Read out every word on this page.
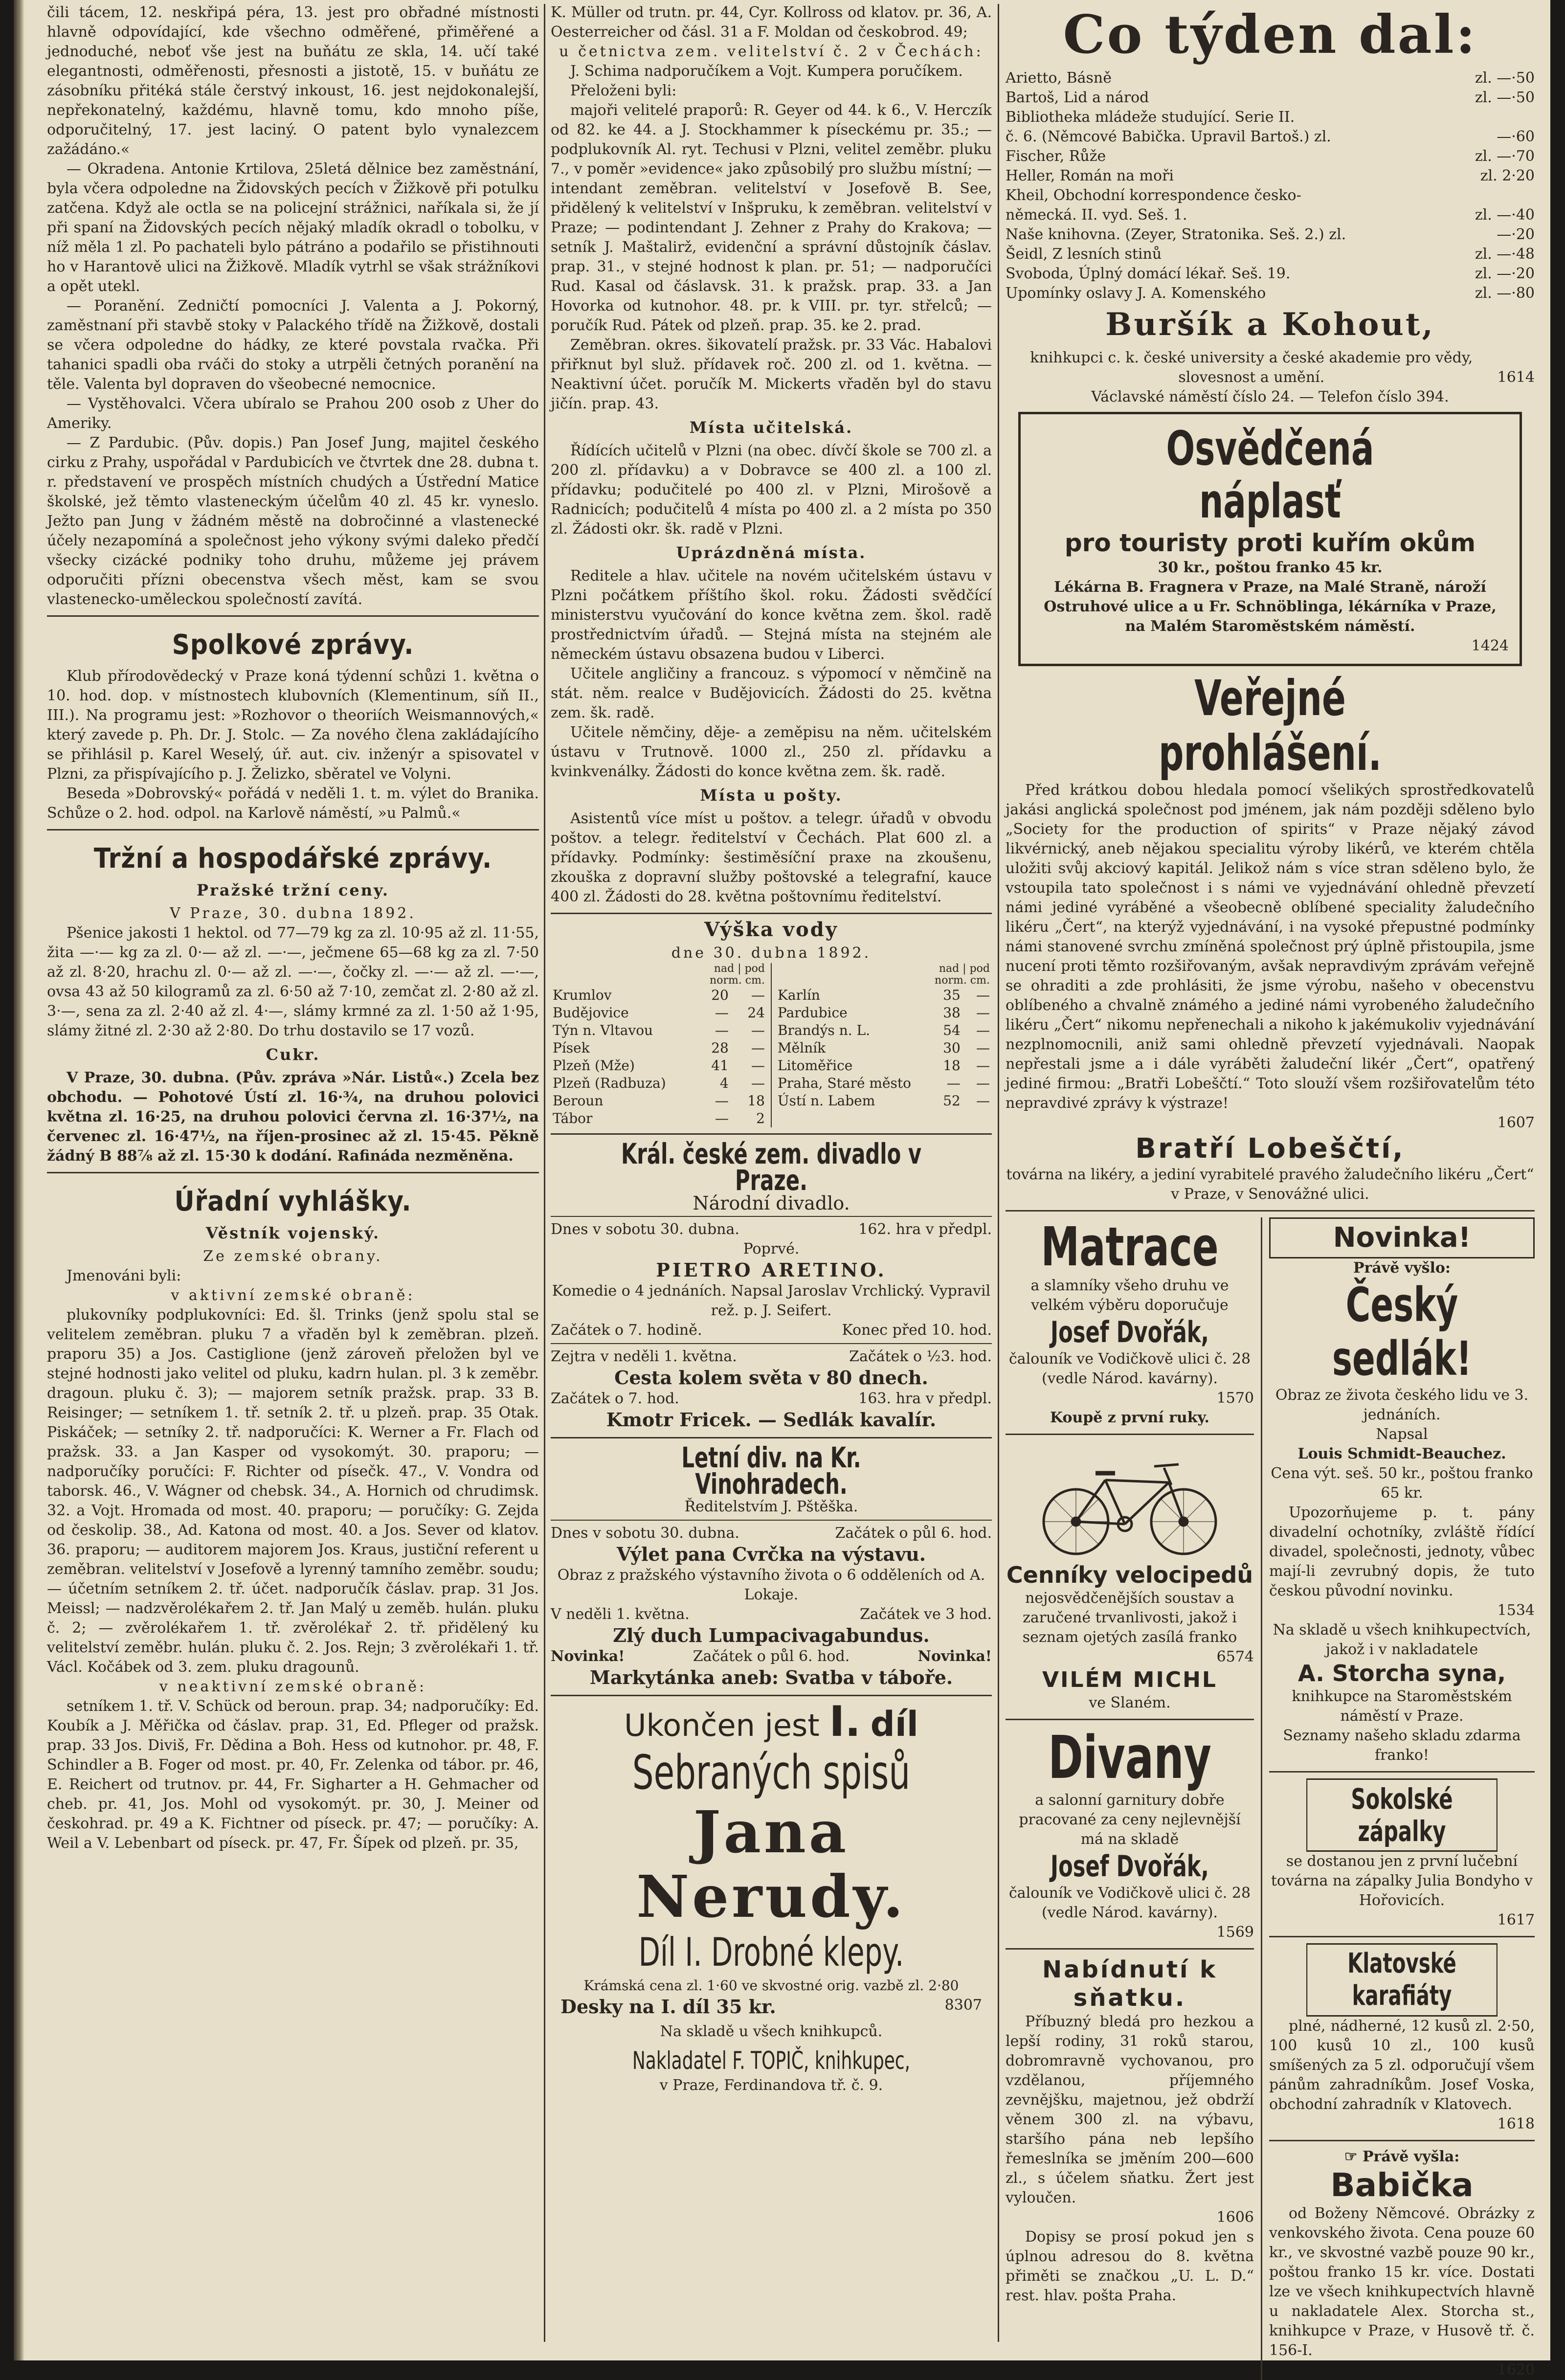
čili tácem, 12. neskřipá péra, 13. jest pro obřadné místnosti hlavně odpovídající, kde všechno odměřené, přiměřené a jednoduché, neboť vše jest na buňátu ze skla, 14. učí také elegantnosti, odměřenosti, přesnosti a jistotě, 15. v buňátu ze zásobníku přitéká stále čerstvý inkoust, 16. jest nejdokonalejší, nepřekonatelný, každému, hlavně tomu, kdo mnoho píše, odporučitelný, 17. jest laciný. O patent bylo vynalezcem zažádáno.«

— Okradena. Antonie Krtilova, 25letá dělnice bez zaměstnání, byla včera odpoledne na Židovských pecích v Žižkově při potulku zatčena. Když ale octla se na policejní strážnici, naříkala si, že jí při spaní na Židovských pecích nějaký mladík okradl o tobolku, v níž měla 1 zl. Po pachateli bylo pátráno a podařilo se přistihnouti ho v Harantově ulici na Žižkově. Mladík vytrhl se však strážníkovi a opět utekl.

— Poranění. Zedničtí pomocníci J. Valenta a J. Pokorný, zaměstnaní při stavbě stoky v Palackého třídě na Žižkově, dostali se včera odpoledne do hádky, ze které povstala rvačka. Při tahanici spadli oba rváči do stoky a utrpěli četných poranění na těle. Valenta byl dopraven do všeobecné nemocnice.

— Vystěhovalci. Včera ubíralo se Prahou 200 osob z Uher do Ameriky.

— Z Pardubic. (Pův. dopis.) Pan Josef Jung, majitel českého cirku z Prahy, uspořádal v Pardubicích ve čtvrtek dne 28. dubna t. r. představení ve prospěch místních chudých a Ústřední Matice školské, jež těmto vlasteneckým účelům 40 zl. 45 kr. vyneslo. Ježto pan Jung v žádném městě na dobročinné a vlastenecké účely nezapomíná a společnost jeho výkony svými daleko předčí všecky cizácké podniky toho druhu, můžeme jej právem odporučiti přízni obecenstva všech měst, kam se svou vlastenecko-uměleckou společností zavítá.

Spolkové zprávy.

Klub přírodovědecký v Praze koná týdenní schůzi 1. května o 10. hod. dop. v místnostech klubovních (Klementinum, síň II., III.). Na programu jest: »Rozhovor o theoriích Weismannových,« který zavede p. Ph. Dr. J. Stolc. — Za nového člena zakládajícího se přihlásil p. Karel Weselý, úř. aut. civ. inženýr a spisovatel v Plzni, za přispívajícího p. J. Želizko, sběratel ve Volyni.

Beseda »Dobrovský« pořádá v neděli 1. t. m. výlet do Branika. Schůze o 2. hod. odpol. na Karlově náměstí, »u Palmů.«

Tržní a hospodářské zprávy.
Pražské tržní ceny.

V Praze, 30. dubna 1892.

Pšenice jakosti 1 hektol. od 77—79 kg za zl. 10·95 až zl. 11·55, žita —·— kg za zl. 0·— až zl. —·—, ječmene 65—68 kg za zl. 7·50 až zl. 8·20, hrachu zl. 0·— až zl. —·—, čočky zl. —·— až zl. —·—, ovsa 43 až 50 kilogramů za zl. 6·50 až 7·10, zemčat zl. 2·80 až zl. 3·—, sena za zl. 2·40 až zl. 4·—, slámy krmné za zl. 1·50 až 1·95, slámy žitné zl. 2·30 až 2·80. Do trhu dostavilo se 17 vozů.

Cukr.

V Praze, 30. dubna. (Pův. zpráva »Nár. Listů«.) Zcela bez obchodu. — Pohotové Ústí zl. 16·¾, na druhou polovici května zl. 16·25, na druhou polovici června zl. 16·37½, na červenec zl. 16·47½, na říjen-prosinec až zl. 15·45. Pěkně žádný B 88⅞ až zl. 15·30 k dodání. Rafináda nezměněna.

Úřadní vyhlášky.
Věstník vojenský.
Ze zemské obrany.

Jmenováni byli:

v aktivní zemské obraně:

plukovníky podplukovníci: Ed. šl. Trinks (jenž spolu stal se velitelem zeměbran. pluku 7 a vřaděn byl k zeměbran. plzeň. praporu 35) a Jos. Castiglione (jenž zároveň přeložen byl ve stejné hodnosti jako velitel od pluku, kadrn hulan. pl. 3 k zeměbr. dragoun. pluku č. 3); — majorem setník pražsk. prap. 33 B. Reisinger; — setníkem 1. tř. setník 2. tř. u plzeň. prap. 35 Otak. Piskáček; — setníky 2. tř. nadporučíci: K. Werner a Fr. Flach od pražsk. 33. a Jan Kasper od vysokomýt. 30. praporu; — nadporučíky poručíci: F. Richter od písečk. 47., V. Vondra od taborsk. 46., V. Wágner od chebsk. 34., A. Hornich od chrudimsk. 32. a Vojt. Hromada od most. 40. praporu; — poručíky: G. Zejda od českolip. 38., Ad. Katona od most. 40. a Jos. Sever od klatov. 36. praporu; — auditorem majorem Jos. Kraus, justiční referent u zeměbran. velitelství v Josefově a lyrenný tamního zeměbr. soudu; — účetním setníkem 2. tř. účet. nadporučík čáslav. prap. 31 Jos. Meissl; — nadzvěrolékařem 2. tř. Jan Malý u zeměb. hulán. pluku č. 2; — zvěrolékařem 1. tř. zvěrolékař 2. tř. přidělený ku velitelství zeměbr. hulán. pluku č. 2. Jos. Rejn; 3 zvěrolékaři 1. tř. Václ. Kočábek od 3. zem. pluku dragounů.

v neaktivní zemské obraně:

setníkem 1. tř. V. Schück od beroun. prap. 34; nadporučíky: Ed. Koubík a J. Měřička od čáslav. prap. 31, Ed. Pfleger od pražsk. prap. 33 Jos. Diviš, Fr. Dědina a Boh. Hess od kutnohor. pr. 48, F. Schindler a B. Foger od most. pr. 40, Fr. Zelenka od tábor. pr. 46, E. Reichert od trutnov. pr. 44, Fr. Sigharter a H. Gehmacher od cheb. pr. 41, Jos. Mohl od vysokomýt. pr. 30, J. Meiner od českohrad. pr. 49 a K. Fichtner od píseck. pr. 47; — poručíky: A. Weil a V. Lebenbart od píseck. pr. 47, Fr. Šípek od plzeň. pr. 35,

K. Müller od trutn. pr. 44, Cyr. Kollross od klatov. pr. 36, A. Oesterreicher od čásl. 31 a F. Moldan od českobrod. 49;

u četnictva zem. velitelství č. 2 v Čechách:

J. Schima nadporučíkem a Vojt. Kumpera poručíkem.

Přeloženi byli:

majoři velitelé praporů: R. Geyer od 44. k 6., V. Herczík od 82. ke 44. a J. Stockhammer k píseckému pr. 35.; — podplukovník Al. ryt. Techusi v Plzni, velitel zeměbr. pluku 7., v poměr »evidence« jako způsobilý pro službu místní; — intendant zeměbran. velitelství v Josefově B. See, přidělený k velitelství v Inšpruku, k zeměbran. velitelství v Praze; — podintendant J. Zehner z Prahy do Krakova; — setník J. Maštalirž, evidenční a správní důstojník čáslav. prap. 31., v stejné hodnost k plan. pr. 51; — nadporučíci Rud. Kasal od čáslavsk. 31. k pražsk. prap. 33. a Jan Hovorka od kutnohor. 48. pr. k VIII. pr. tyr. střelců; — poručík Rud. Pátek od plzeň. prap. 35. ke 2. prad.

Zeměbran. okres. šikovatelí pražsk. pr. 33 Vác. Habalovi přiřknut byl služ. přídavek roč. 200 zl. od 1. května. — Neaktivní účet. poručík M. Mickerts vřaděn byl do stavu jičín. prap. 43.

Místa učitelská.

Řídících učitelů v Plzni (na obec. dívčí škole se 700 zl. a 200 zl. přídavku) a v Dobravce se 400 zl. a 100 zl. přídavku; podučitelé po 400 zl. v Plzni, Mirošově a Radnicích; podučitelů 4 místa po 400 zl. a 2 místa po 350 zl. Žádosti okr. šk. radě v Plzni.

Uprázdněná místa.

Reditele a hlav. učitele na novém učitelském ústavu v Plzni počátkem příštího škol. roku. Žádosti svědčící ministerstvu vyučování do konce května zem. škol. radě prostřednictvím úřadů. — Stejná místa na stejném ale německém ústavu obsazena budou v Liberci.

Učitele angličiny a francouz. s výpomocí v němčině na stát. něm. realce v Budějovicích. Žádosti do 25. května zem. šk. radě.

Učitele němčiny, děje- a zeměpisu na něm. učitelském ústavu v Trutnově. 1000 zl., 250 zl. přídavku a kvinkvenálky. Žádosti do konce května zem. šk. radě.

Místa u pošty.

Asistentů více míst u poštov. a telegr. úřadů v obvodu poštov. a telegr. ředitelství v Čechách. Plat 600 zl. a přídavky. Podmínky: šestiměsíční praxe na zkoušenu, zkouška z dopravní služby poštovské a telegrafní, kauce 400 zl. Žádosti do 28. května poštovnímu ředitelství.

Výška vody

dne 30. dubna 1892.

	nad | pod
norm. cm.	
Krumlov	20	—
Budějovice	—	24
Týn n. Vltavou	—	—
Písek	28	—
Plzeň (Mže)	41	—
Plzeň (Radbuza)	4	—
Beroun	—	18
Tábor	—	2
	nad | pod
norm. cm.	
Karlín	35	—
Pardubice	38	—
Brandýs n. L.	54	—
Mělník	30	—
Litoměřice	18	—
Praha, Staré město	—	—
Ústí n. Labem	52	—
Král. české zem. divadlo v Praze.
Národní divadlo.
Dnes v sobotu 30. dubna.	162. hra v předpl.

Poprvé.

PIETRO ARETINO.

Komedie o 4 jednáních. Napsal Jaroslav Vrchlický. Vypravil rež. p. J. Seifert.

Začátek o 7. hodině.	Konec před 10. hod.
Zejtra v neděli 1. května.	Začátek o ½3. hod.

Cesta kolem světa v 80 dnech.

Začátek o 7. hod.	163. hra v předpl.

Kmotr Fricek. — Sedlák kavalír.

Letní div. na Kr. Vinohradech.

Ředitelstvím J. Pštěška.

Dnes v sobotu 30. dubna.	Začátek o půl 6. hod.

Výlet pana Cvrčka na výstavu.

Obraz z pražského výstavního života o 6 odděleních od A. Lokaje.

V neděli 1. května.	Začátek ve 3 hod.

Zlý duch Lumpacivagabundus.

Novinka!	Začátek o půl 6. hod.	Novinka!

Markytánka aneb: Svatba v táboře.

Ukončen jest I. díl
Sebraných spisů
Jana Nerudy.
Díl I. Drobné klepy.

Krámská cena zl. 1·60 ve skvostné orig. vazbě zl. 2·80

Desky na I. díl 35 kr.	8307

Na skladě u všech knihkupců.

Nakladatel F. TOPIČ, knihkupec,

v Praze, Ferdinandova tř. č. 9.

Co týden dal:
Arietto, Básně	zl. —·50
Bartoš, Lid a národ	zl. —·50
Bibliotheka mládeže studující. Serie II.
č. 6. (Němcové Babička. Upravil Bartoš.) zl.	—·60
Fischer, Růže	zl. —·70
Heller, Román na moři	zl. 2·20
Kheil, Obchodní korrespondence česko-
německá. II. vyd. Seš. 1.	zl. —·40
Naše knihovna. (Zeyer, Stratonika. Seš. 2.) zl.	—·20
Šeidl, Z lesních stinů	zl. —·48
Svoboda, Úplný domácí lékař. Seš. 19.	zl. —·20
Upomínky oslavy J. A. Komenského	zl. —·80
Buršík a Kohout,
knihkupci c. k. české university a české akademie pro vědy, slovesnost a umění.	1614

Václavské náměstí číslo 24. — Telefon číslo 394.

Osvědčená náplasť
pro touristy proti kuřím okům

30 kr., poštou franko 45 kr.

Lékárna B. Fragnera v Praze, na Malé Straně, nároží Ostruhové ulice a u Fr. Schnöblinga, lékárníka v Praze, na Malém Staroměstském náměstí.

1424

Veřejné prohlášení.

Před krátkou dobou hledala pomocí všelikých sprostředkovatelů jakási anglická společnost pod jménem, jak nám později sděleno bylo „Society for the production of spirits“ v Praze nějaký závod likvérnický, aneb nějakou specialitu výroby likérů, ve kterém chtěla uložiti svůj akciový kapitál. Jelikož nám s více stran sděleno bylo, že vstoupila tato společnost i s námi ve vyjednávání ohledně převzetí námi jediné vyráběné a všeobecně oblíbené speciality žaludečního likéru „Čert“, na kterýž vyjednávání, i na vysoké přepustné podmínky námi stanovené svrchu zmíněná společnost prý úplně přistoupila, jsme nucení proti těmto rozšiřovaným, avšak nepravdivým zprávám veřejně se ohraditi a zde prohlásiti, že jsme výrobu, našeho v obecenstvu oblíbeného a chvalně známého a jediné námi vyrobeného žaludečního likéru „Čert“ nikomu nepřenechali a nikoho k jakémukoliv vyjednávání nezplnomocnili, aniž sami ohledně převzetí vyjednávali. Naopak nepřestali jsme a i dále vyráběti žaludeční likér „Čert“, opatřený jediné firmou: „Bratři Lobeščtí.“ Toto slouží všem rozšiřovatelům této nepravdivé zprávy k výstraze!

1607

Bratří Lobeščtí,

továrna na likéry, a jediní vyrabitelé pravého žaludečního likéru „Čert“ v Praze, v Senovážné ulici.

Matrace

a slamníky všeho druhu ve velkém výběru doporučuje

Josef Dvořák,

čalouník ve Vodičkově ulici č. 28 (vedle Národ. kavárny).

1570

Koupě z první ruky.

Cenníky velocipedů

nejosvědčenějších soustav a zaručené trvanlivosti, jakož i seznam ojetých zasílá franko

6574

VILÉM MICHL

ve Slaném.

Divany

a salonní garnitury dobře pracované za ceny nejlevnější má na skladě

Josef Dvořák,

čalouník ve Vodičkově ulici č. 28 (vedle Národ. kavárny).

1569

Nabídnutí k sňatku.

Příbuzný bledá pro hezkou a lepší rodiny, 31 roků starou, dobromravně vychovanou, pro vzdělanou, příjemného zevnějšku, majetnou, jež obdrží věnem 300 zl. na výbavu, staršího pána neb lepšího řemeslníka se jměním 200—600 zl., s účelem sňatku. Žert jest vyloučen.

1606

Dopisy se prosí pokud jen s úplnou adresou do 8. května přiměti se značkou „U. L. D.“ rest. hlav. pošta Praha.

Novinka!

Právě vyšlo:

Český sedlák!

Obraz ze života českého lidu ve 3. jednáních.

Napsal

Louis Schmidt-Beauchez.

Cena výt. seš. 50 kr., poštou franko 65 kr.

Upozorňujeme p. t. pány divadelní ochotníky, zvláště řídící divadel, společnosti, jednoty, vůbec mají-li zevrubný dopis, že tuto českou původní novinku.

1534

Na skladě u všech knihkupectvích, jakož i v nakladatele

A. Storcha syna,

knihkupce na Staroměstském náměstí v Praze.

Seznamy našeho skladu zdarma franko!

Sokolské zápalky

se dostanou jen z první lučební továrna na zápalky Julia Bondyho v Hořovicích.

1617

Klatovské karafiáty

plné, nádherné, 12 kusů zl. 2·50, 100 kusů 10 zl., 100 kusů smíšených za 5 zl. odporučují všem pánům zahradníkům. Josef Voska, obchodní zahradník v Klatovech.

1618

☞ Právě vyšla:

Babička

od Boženy Němcové. Obrázky z venkovského života. Cena pouze 60 kr., ve skvostné vazbě pouze 90 kr., poštou franko 15 kr. více. Dostati lze ve všech knihkupectvích hlavně u nakladatele Alex. Storcha st., knihkupce v Praze, v Husově tř. č. 156-I.

1620
